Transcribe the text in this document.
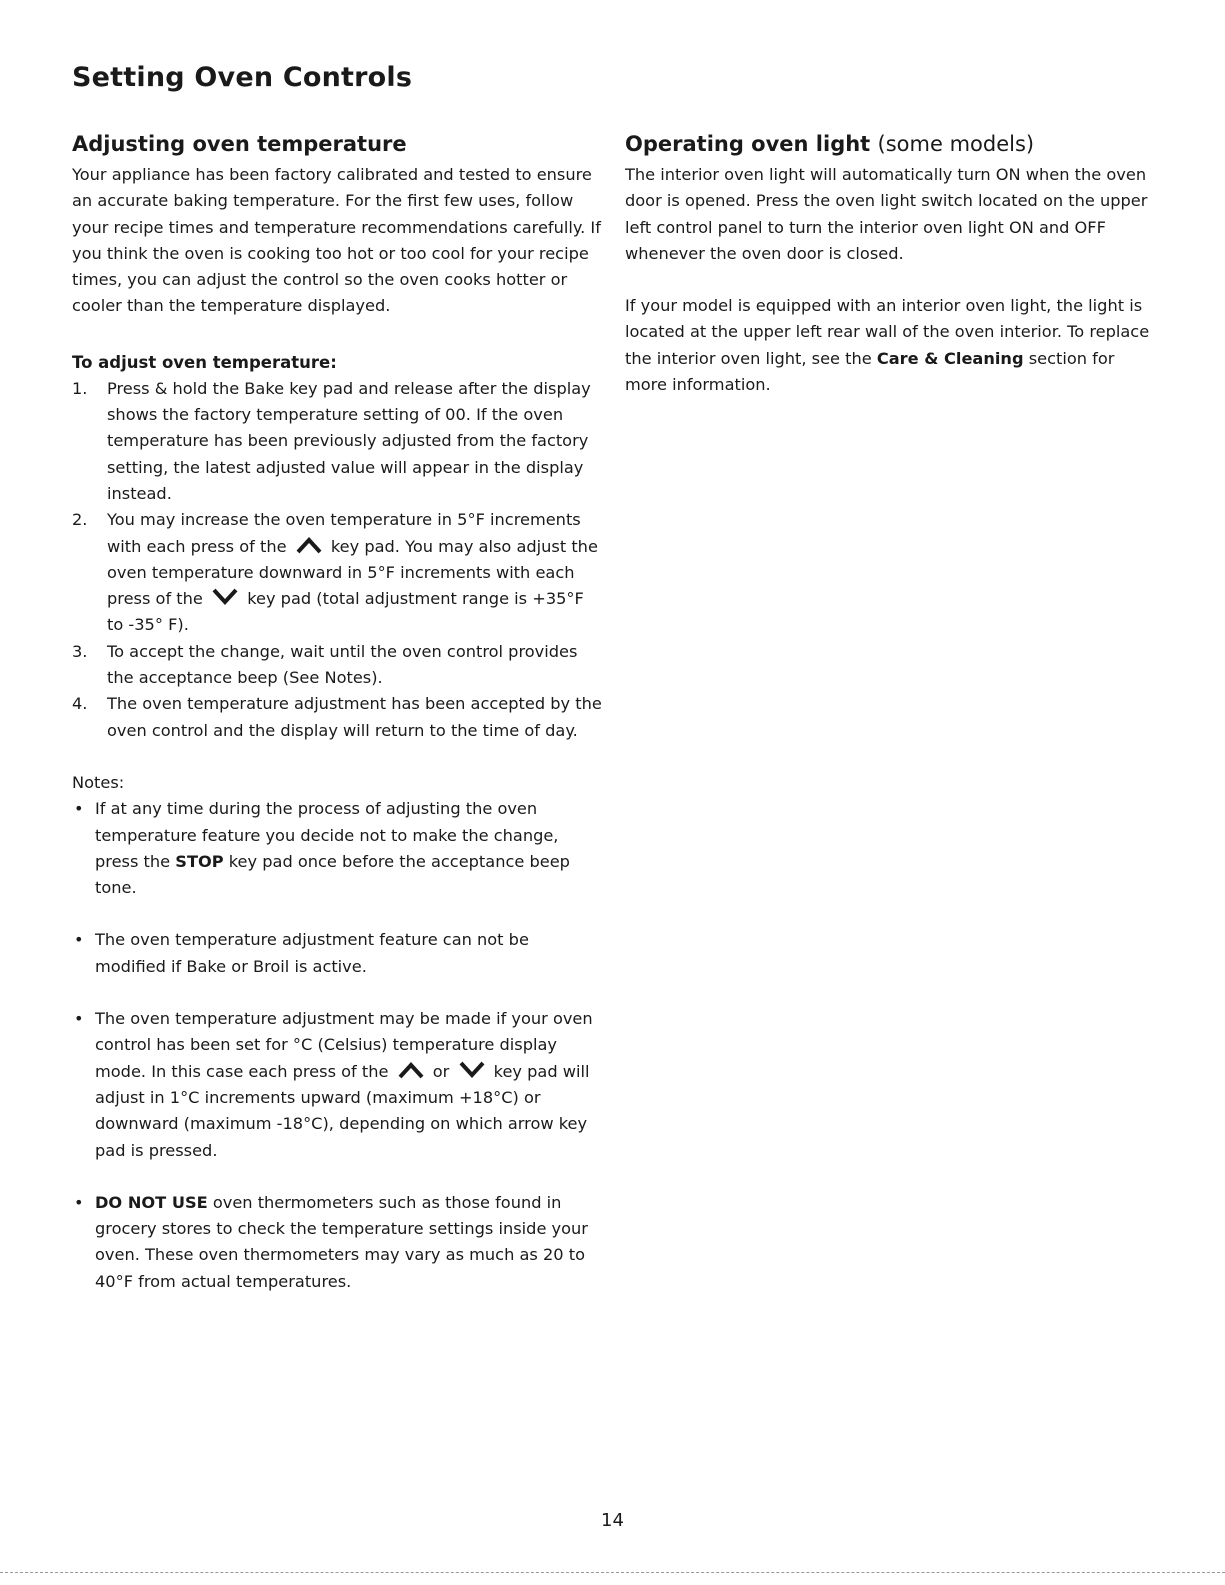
Setting Oven Controls
Adjusting oven temperature

Your appliance has been factory calibrated and tested to ensure an accurate baking temperature. For the first few uses, follow your recipe times and temperature recommendations carefully. If you think the oven is cooking too hot or too cool for your recipe times, you can adjust the control so the oven cooks hotter or cooler than the temperature displayed.

To adjust oven temperature:
1. Press & hold the Bake key pad and release after the display shows the factory temperature setting of 00. If the oven temperature has been previously adjusted from the factory setting, the latest adjusted value will appear in the display instead.
2. You may increase the oven temperature in 5°F increments with each press of the	key pad. You may also adjust the oven temperature downward in 5°F increments with each press of the	key pad (total adjustment range is +35°F to -35° F).
3. To accept the change, wait until the oven control provides the acceptance beep (See Notes).
4. The oven temperature adjustment has been accepted by the oven control and the display will return to the time of day.

Notes:

• If at any time during the process of adjusting the oven temperature feature you decide not to make the change, press the STOP key pad once before the acceptance beep tone.
• The oven temperature adjustment feature can not be modified if Bake or Broil is active.
• The oven temperature adjustment may be made if your oven control has been set for °C (Celsius) temperature display mode. In this case each press of the	or	key pad will adjust in 1°C increments upward (maximum +18°C) or downward (maximum -18°C), depending on which arrow key pad is pressed.
• DO NOT USE oven thermometers such as those found in grocery stores to check the temperature settings inside your oven. These oven thermometers may vary as much as 20 to 40°F from actual temperatures.
Operating oven light (some models)

The interior oven light will automatically turn ON when the oven door is opened. Press the oven light switch located on the upper left control panel to turn the interior oven light ON and OFF whenever the oven door is closed.

If your model is equipped with an interior oven light, the light is located at the upper left rear wall of the oven interior. To replace the interior oven light, see the Care & Cleaning section for more information.

14
